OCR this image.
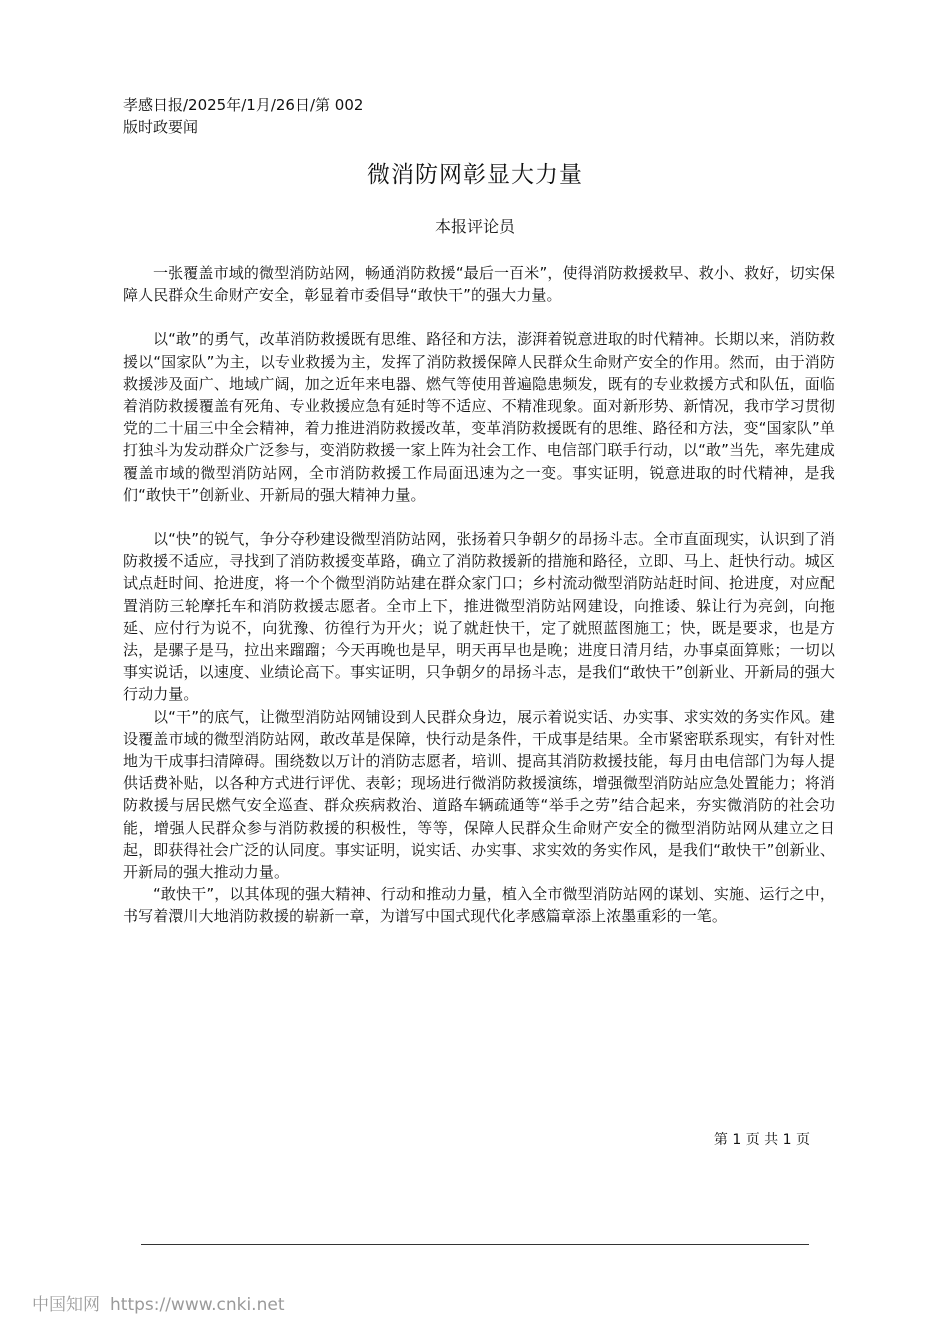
孝感日报/2025年/1月/26日/第 002
版时政要闻
微消防网彰显大力量
本报评论员

一张覆盖市域的微型消防站网，畅通消防救援“最后一百米”，使得消防救援救早、救小、救好，切实保障人民群众生命财产安全，彰显着市委倡导“敢快干”的强大力量。

以“敢”的勇气，改革消防救援既有思维、路径和方法，澎湃着锐意进取的时代精神。长期以来，消防救援以“国家队”为主，以专业救援为主，发挥了消防救援保障人民群众生命财产安全的作用。然而，由于消防救援涉及面广、地域广阔，加之近年来电器、燃气等使用普遍隐患频发，既有的专业救援方式和队伍，面临着消防救援覆盖有死角、专业救援应急有延时等不适应、不精准现象。面对新形势、新情况，我市学习贯彻党的二十届三中全会精神，着力推进消防救援改革，变革消防救援既有的思维、路径和方法，变“国家队”单打独斗为发动群众广泛参与，变消防救援一家上阵为社会工作、电信部门联手行动，以“敢”当先，率先建成覆盖市域的微型消防站网，全市消防救援工作局面迅速为之一变。事实证明，锐意进取的时代精神，是我们“敢快干”创新业、开新局的强大精神力量。

以“快”的锐气，争分夺秒建设微型消防站网，张扬着只争朝夕的昂扬斗志。全市直面现实，认识到了消防救援不适应，寻找到了消防救援变革路，确立了消防救援新的措施和路径，立即、马上、赶快行动。城区试点赶时间、抢进度，将一个个微型消防站建在群众家门口；乡村流动微型消防站赶时间、抢进度，对应配置消防三轮摩托车和消防救援志愿者。全市上下，推进微型消防站网建设，向推诿、躲让行为亮剑，向拖延、应付行为说不，向犹豫、彷徨行为开火；说了就赶快干，定了就照蓝图施工；快，既是要求，也是方法，是骡子是马，拉出来蹓蹓；今天再晚也是早，明天再早也是晚；进度日清月结，办事桌面算账；一切以事实说话，以速度、业绩论高下。事实证明，只争朝夕的昂扬斗志，是我们“敢快干”创新业、开新局的强大行动力量。

以“干”的底气，让微型消防站网铺设到人民群众身边，展示着说实话、办实事、求实效的务实作风。建设覆盖市域的微型消防站网，敢改革是保障，快行动是条件，干成事是结果。全市紧密联系现实，有针对性地为干成事扫清障碍。围绕数以万计的消防志愿者，培训、提高其消防救援技能，每月由电信部门为每人提供话费补贴，以各种方式进行评优、表彰；现场进行微消防救援演练，增强微型消防站应急处置能力；将消防救援与居民燃气安全巡查、群众疾病救治、道路车辆疏通等“举手之劳”结合起来，夯实微消防的社会功能，增强人民群众参与消防救援的积极性，等等，保障人民群众生命财产安全的微型消防站网从建立之日起，即获得社会广泛的认同度。事实证明，说实话、办实事、求实效的务实作风，是我们“敢快干”创新业、开新局的强大推动力量。

“敢快干”，以其体现的强大精神、行动和推动力量，植入全市微型消防站网的谋划、实施、运行之中，书写着澴川大地消防救援的崭新一章，为谱写中国式现代化孝感篇章添上浓墨重彩的一笔。

第 1 页 共 1 页
中国知网 https://www.cnki.net
